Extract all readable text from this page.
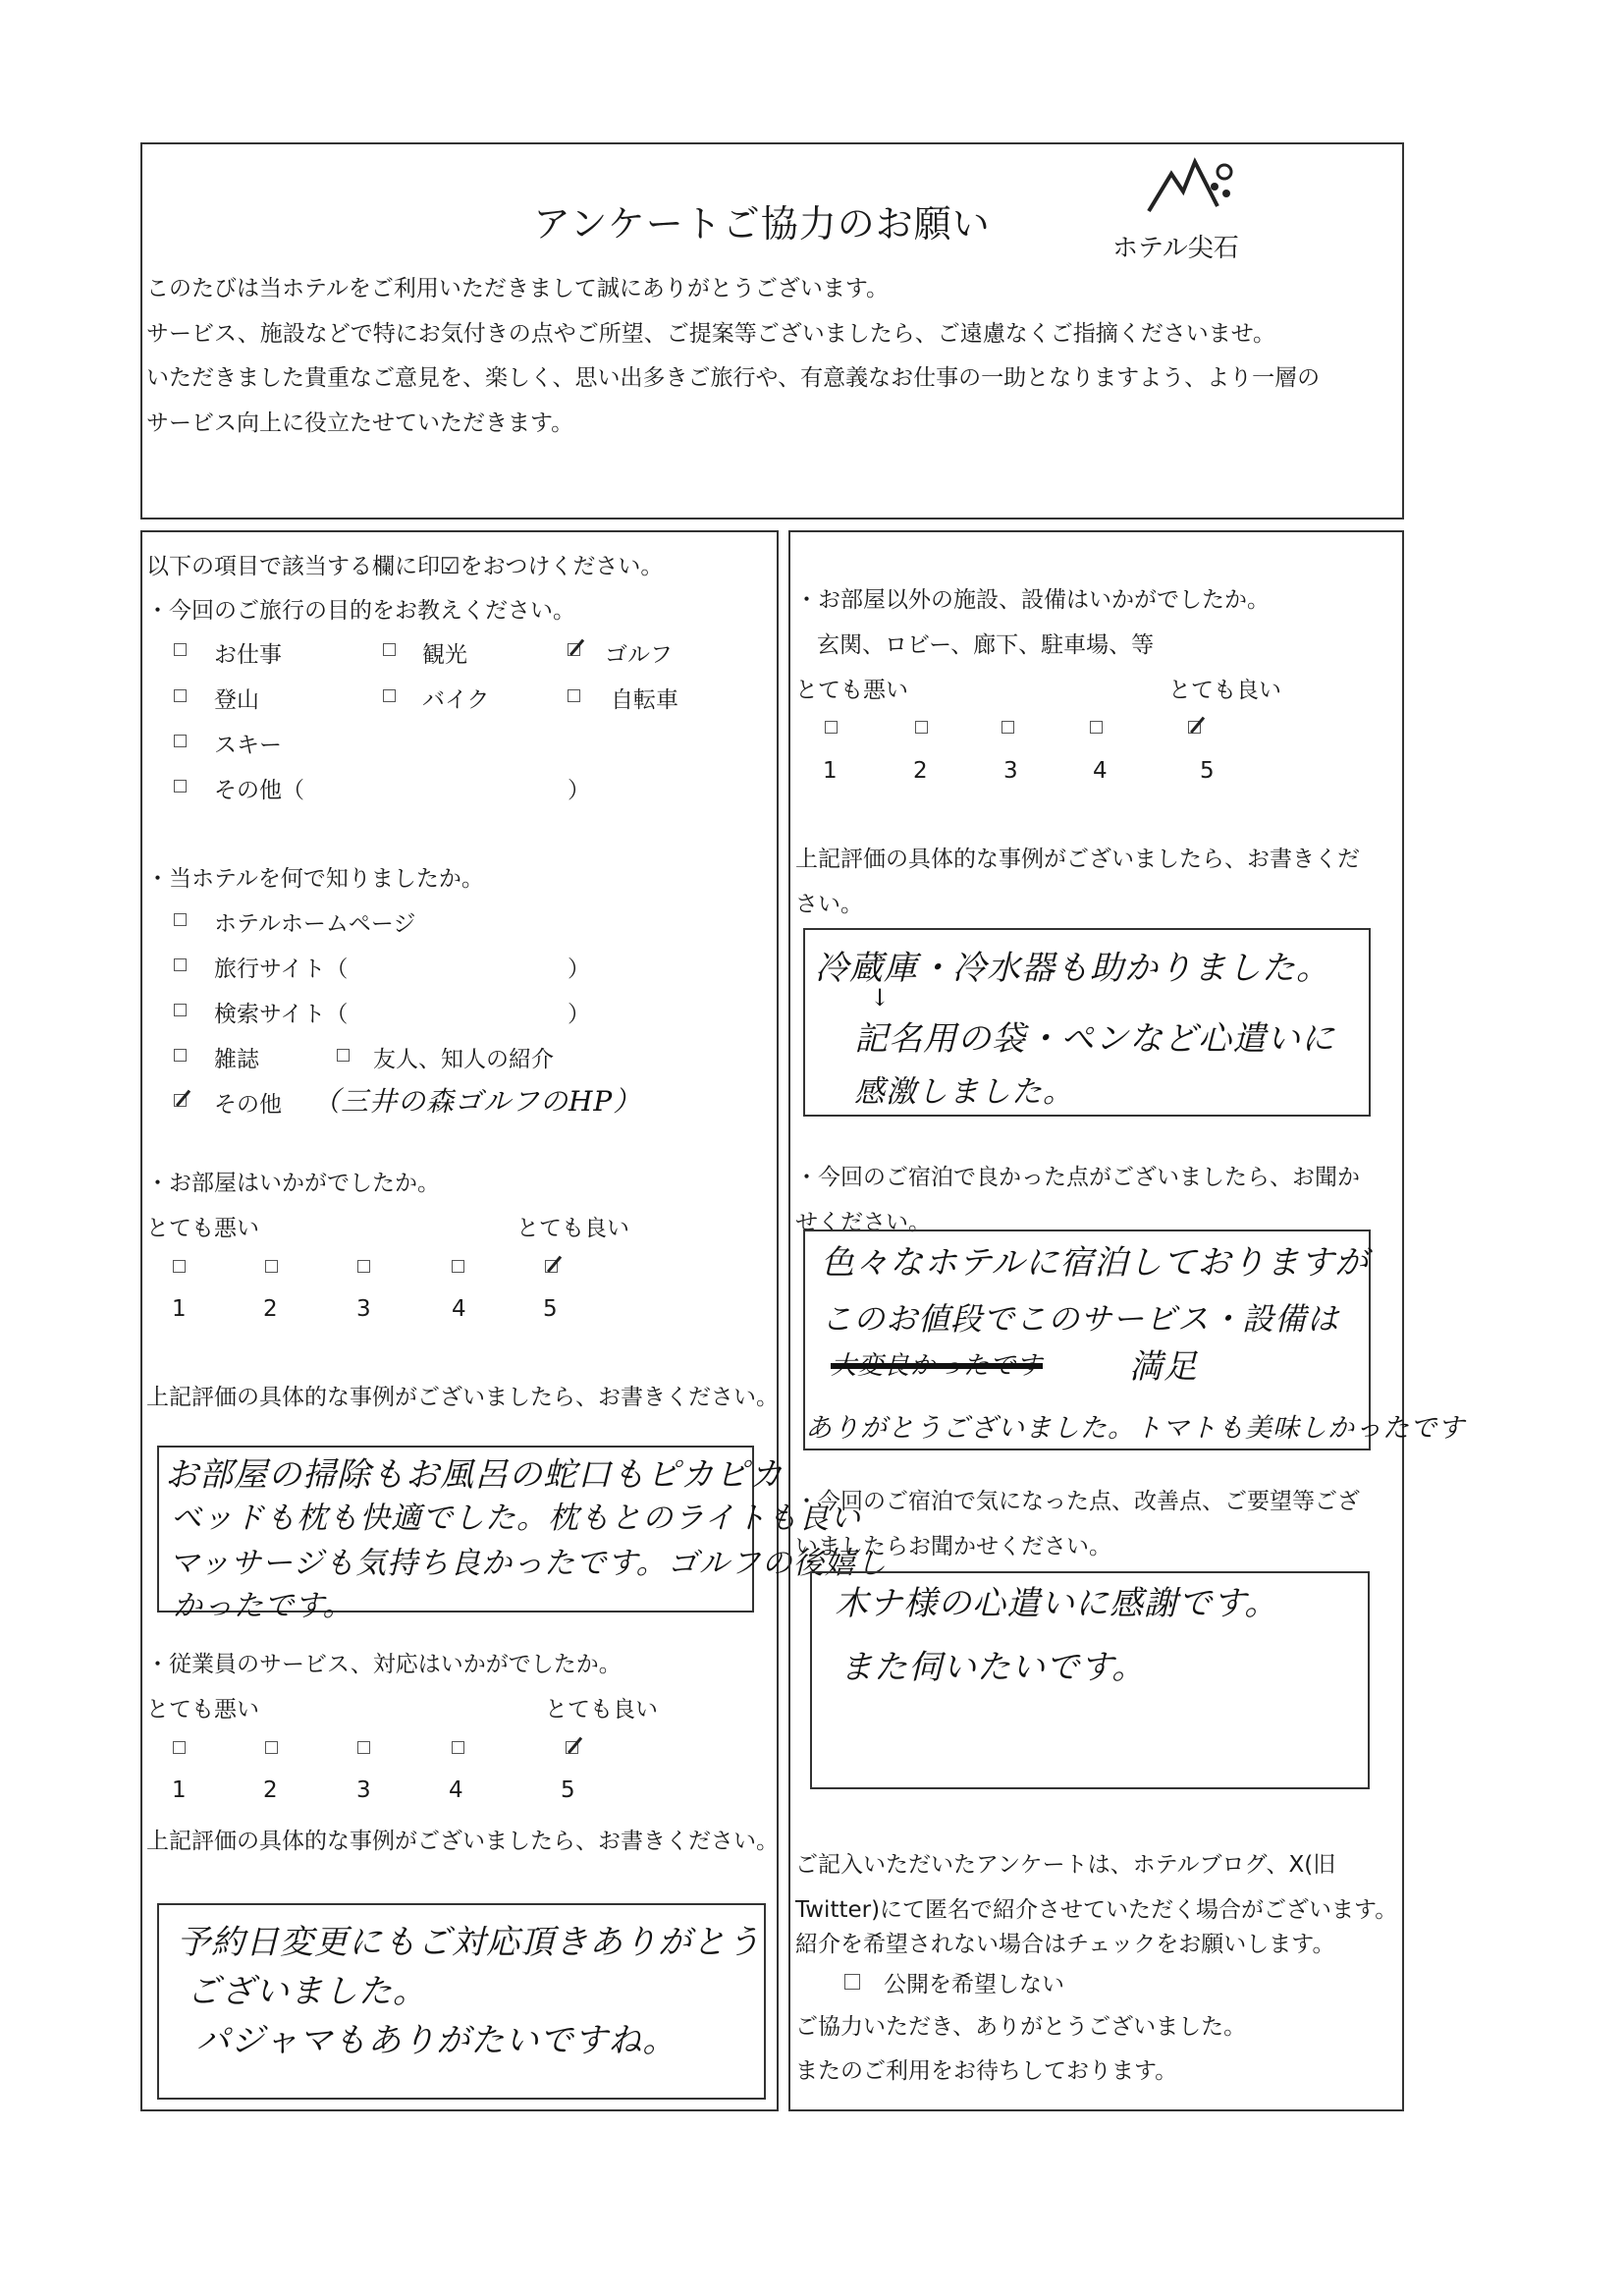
アンケートご協力のお願い
ホテル尖石
このたびは当ホテルをご利用いただきまして誠にありがとうございます。
サービス、施設などで特にお気付きの点やご所望、ご提案等ございましたら、ご遠慮なくご指摘くださいませ。
いただきました貴重なご意見を、楽しく、思い出多きご旅行や、有意義なお仕事の一助となりますよう、より一層の
サービス向上に役立たせていただきます。
以下の項目で該当する欄に印☑をおつけください。
・今回のご旅行の目的をお教えください。
お仕事	観光	ゴルフ
登山	バイク	自転車
スキー
その他（	）
・当ホテルを何で知りましたか。
ホテルホームページ
旅行サイト（	）
検索サイト（	）
雑誌	友人、知人の紹介
その他 （三井の森ゴルフのHP）
・お部屋はいかがでしたか。
とても悪い	とても良い
1	2	3	4	5
上記評価の具体的な事例がございましたら、お書きください。
お部屋の掃除もお風呂の蛇口もピカピカ
ベッドも枕も快適でした。枕もとのライトも良い
マッサージも気持ち良かったです。ゴルフの後嬉し
かったです。
・従業員のサービス、対応はいかがでしたか。
とても悪い	とても良い
1	2	3	4	5
上記評価の具体的な事例がございましたら、お書きください。
予約日変更にもご対応頂きありがとう
ございました。
パジャマもありがたいですね。
・お部屋以外の施設、設備はいかがでしたか。
玄関、ロビー、廊下、駐車場、等
とても悪い	とても良い
1	2	3	4	5
上記評価の具体的な事例がございましたら、お書きくだ
さい。
冷蔵庫・冷水器も助かりました。
↓
記名用の袋・ペンなど心遣いに
感激しました。
・今回のご宿泊で良かった点がございましたら、お聞か
せください。
色々なホテルに宿泊しておりますが
このお値段でこのサービス・設備は
大変良かったです	満足
ありがとうございました。トマトも美味しかったです
・今回のご宿泊で気になった点、改善点、ご要望等ござ
いましたらお聞かせください。
木ナ様の心遣いに感謝です。
また伺いたいです。
ご記入いただいたアンケートは、ホテルブログ、X(旧
Twitter)にて匿名で紹介させていただく場合がございます。
紹介を希望されない場合はチェックをお願いします。
公開を希望しない
ご協力いただき、ありがとうございました。
またのご利用をお待ちしております。
